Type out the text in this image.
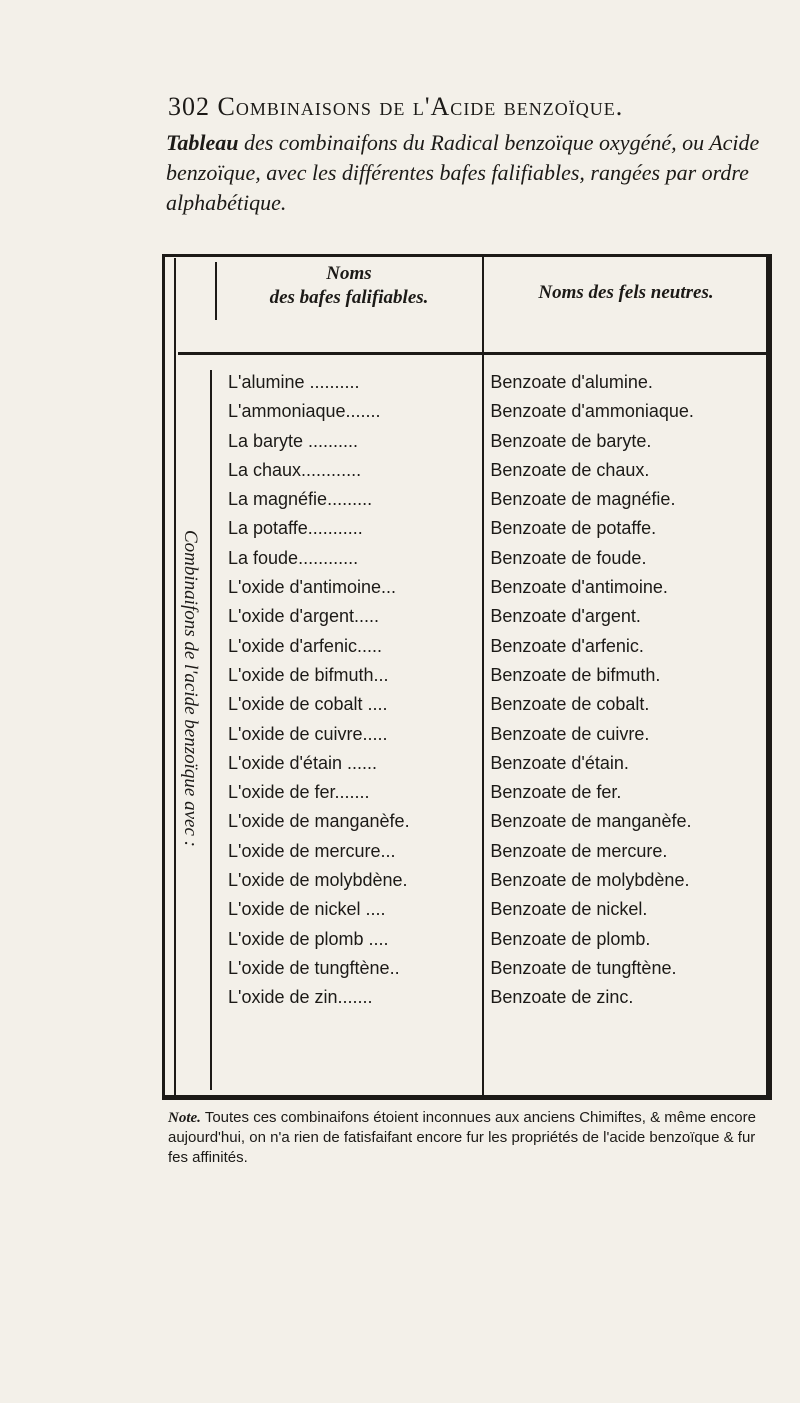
302 Combinaisons de l'Acide benzoïque.
Tableau des combinaifons du Radical benzoïque oxygéné, ou Acide benzoïque, avec les différentes bafes falifiables, rangées par ordre alphabétique.
Noms
des bafes falifiables.	Noms des fels neutres.
Combinaifons de l'acide benzoïque avec :
L'alumine ..........	Benzoate d'alumine.
L'ammoniaque.......	Benzoate d'ammoniaque.
La baryte ..........	Benzoate de baryte.
La chaux............	Benzoate de chaux.
La magnéfie.........	Benzoate de magnéfie.
La potaffe...........	Benzoate de potaffe.
La foude............	Benzoate de foude.
L'oxide d'antimoine...	Benzoate d'antimoine.
L'oxide d'argent.....	Benzoate d'argent.
L'oxide d'arfenic.....	Benzoate d'arfenic.
L'oxide de bifmuth...	Benzoate de bifmuth.
L'oxide de cobalt ....	Benzoate de cobalt.
L'oxide de cuivre.....	Benzoate de cuivre.
L'oxide d'étain ......	Benzoate d'étain.
L'oxide de fer.......	Benzoate de fer.
L'oxide de manganèfe.	Benzoate de manganèfe.
L'oxide de mercure...	Benzoate de mercure.
L'oxide de molybdène.	Benzoate de molybdène.
L'oxide de nickel ....	Benzoate de nickel.
L'oxide de plomb ....	Benzoate de plomb.
L'oxide de tungftène..	Benzoate de tungftène.
L'oxide de zin.......	Benzoate de zinc.
Note. Toutes ces combinaifons étoient inconnues aux anciens Chimiftes, & même encore aujourd'hui, on n'a rien de fatisfaifant encore fur les propriétés de l'acide benzoïque & fur fes affinités.
